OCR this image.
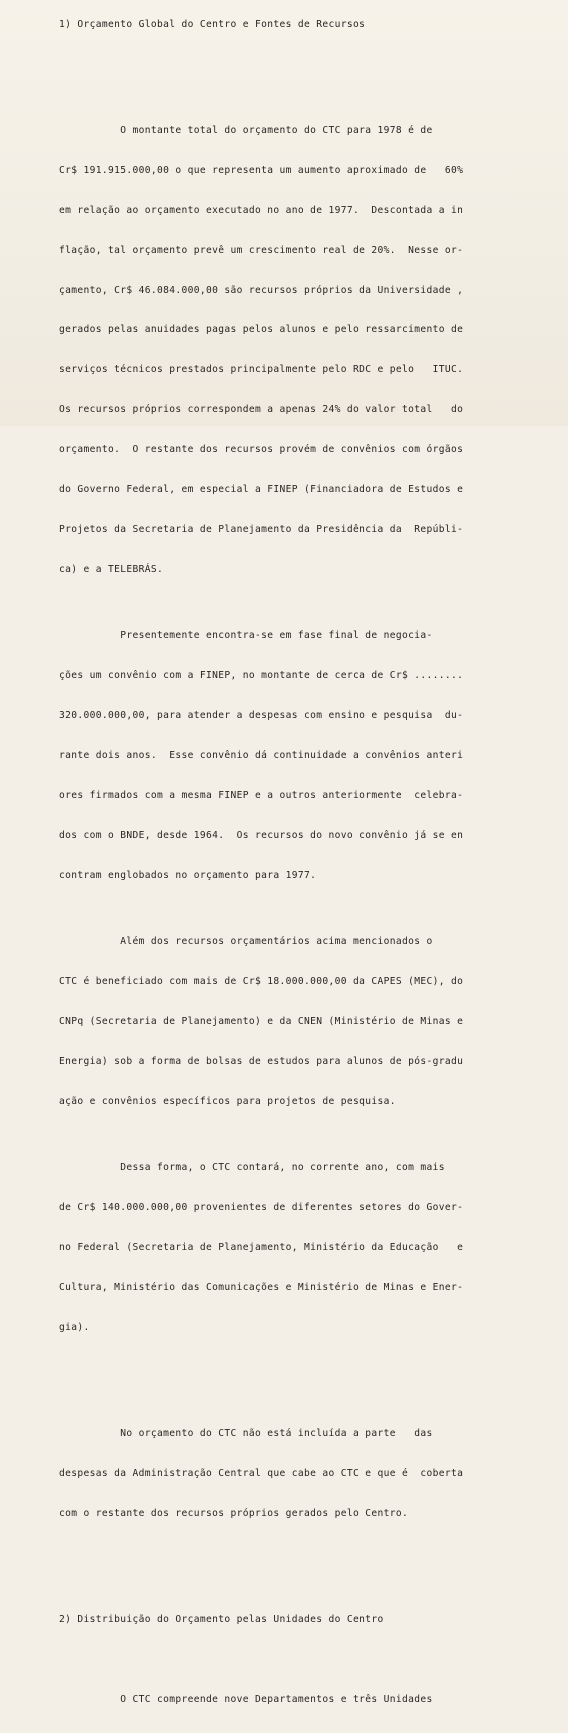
1) Orçamento Global do Centro e Fontes de Recursos

O montante total do orçamento do CTC para 1978 é de

Cr$ 191.915.000,00 o que representa um aumento aproximado de   60%

em relação ao orçamento executado no ano de 1977.  Descontada a in

flação, tal orçamento prevê um crescimento real de 20%.  Nesse or-

çamento, Cr$ 46.084.000,00 são recursos próprios da Universidade ,

gerados pelas anuidades pagas pelos alunos e pelo ressarcimento de

serviços técnicos prestados principalmente pelo RDC e pelo   ITUC.

Os recursos próprios correspondem a apenas 24% do valor total   do

orçamento.  O restante dos recursos provém de convênios com órgãos

do Governo Federal, em especial a FINEP (Financiadora de Estudos e

Projetos da Secretaria de Planejamento da Presidência da  Repúbli-

ca) e a TELEBRÁS.

Presentemente encontra-se em fase final de negocia-

ções um convênio com a FINEP, no montante de cerca de Cr$ ........

320.000.000,00, para atender a despesas com ensino e pesquisa  du-

rante dois anos.  Esse convênio dá continuidade a convênios anteri

ores firmados com a mesma FINEP e a outros anteriormente  celebra-

dos com o BNDE, desde 1964.  Os recursos do novo convênio já se en

contram englobados no orçamento para 1977.

Além dos recursos orçamentários acima mencionados o

CTC é beneficiado com mais de Cr$ 18.000.000,00 da CAPES (MEC), do

CNPq (Secretaria de Planejamento) e da CNEN (Ministério de Minas e

Energia) sob a forma de bolsas de estudos para alunos de pós-gradu

ação e convênios específicos para projetos de pesquisa.

Dessa forma, o CTC contará, no corrente ano, com mais

de Cr$ 140.000.000,00 provenientes de diferentes setores do Gover-

no Federal (Secretaria de Planejamento, Ministério da Educação   e

Cultura, Ministério das Comunicações e Ministério de Minas e Ener-

gia).

No orçamento do CTC não está incluída a parte   das

despesas da Administração Central que cabe ao CTC e que é  coberta

com o restante dos recursos próprios gerados pelo Centro.

2) Distribuição do Orçamento pelas Unidades do Centro

O CTC compreende nove Departamentos e três Unidades
